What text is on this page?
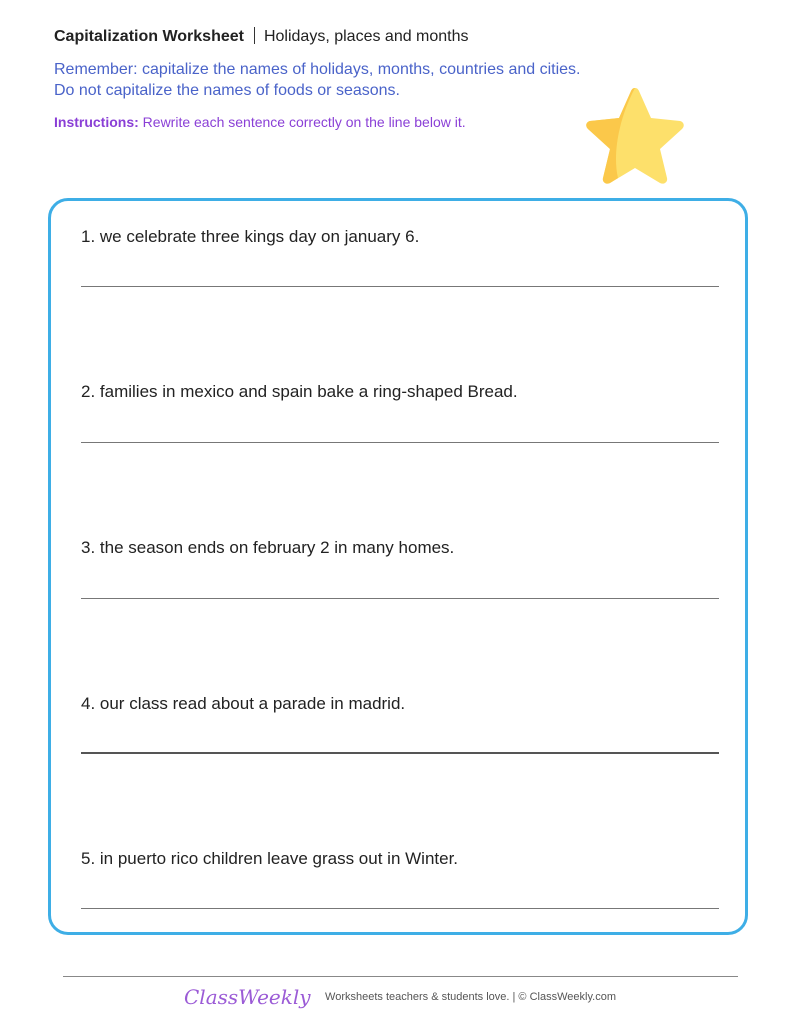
Capitalization Worksheet Holidays, places and months
Remember: capitalize the names of holidays, months, countries and cities. Do not capitalize the names of foods or seasons.
Instructions: Rewrite each sentence correctly on the line below it.
1. we celebrate three kings day on january 6.
2. families in mexico and spain bake a ring-shaped Bread.
3. the season ends on february 2 in many homes.
4. our class read about a parade in madrid.
5. in puerto rico children leave grass out in Winter.
ClassWeekly Worksheets teachers & students love. | © ClassWeekly.com
